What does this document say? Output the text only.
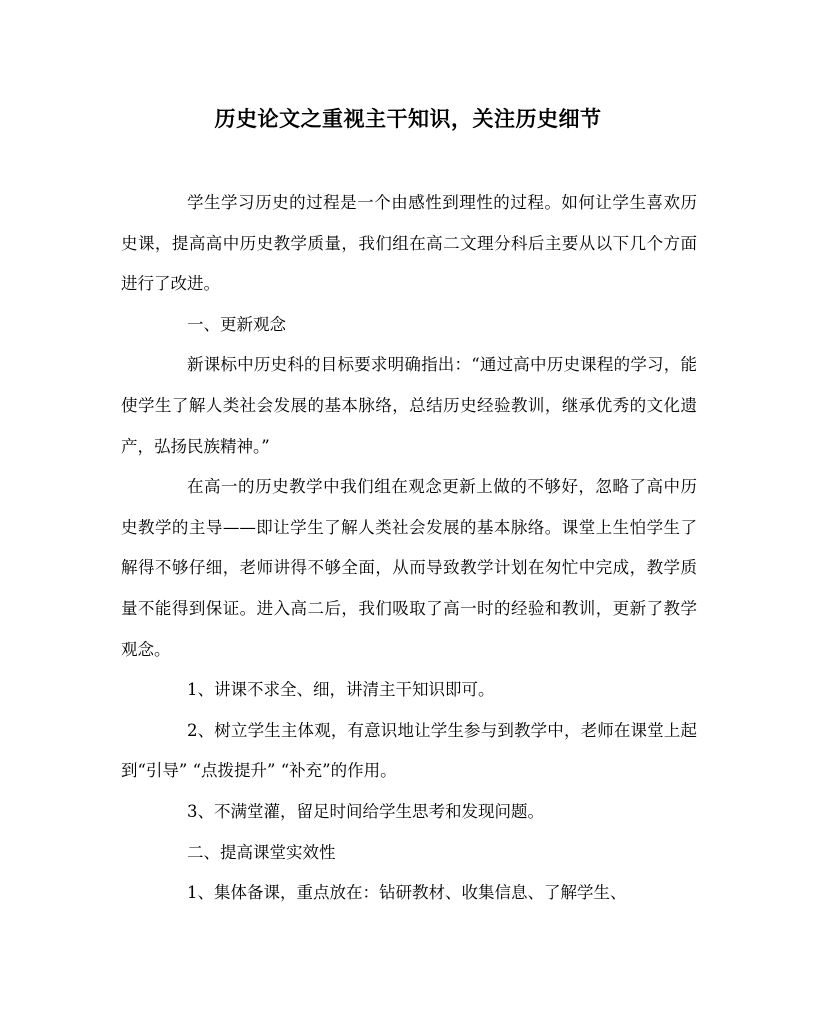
历史论文之重视主干知识，关注历史细节

学生学习历史的过程是一个由感性到理性的过程。如何让学生喜欢历史课，提高高中历史教学质量，我们组在高二文理分科后主要从以下几个方面进行了改进。

一、更新观念

新课标中历史科的目标要求明确指出：“通过高中历史课程的学习，能使学生了解人类社会发展的基本脉络，总结历史经验教训，继承优秀的文化遗产，弘扬民族精神。”

在高一的历史教学中我们组在观念更新上做的不够好，忽略了高中历史教学的主导——即让学生了解人类社会发展的基本脉络。课堂上生怕学生了解得不够仔细，老师讲得不够全面，从而导致教学计划在匆忙中完成，教学质量不能得到保证。进入高二后，我们吸取了高一时的经验和教训，更新了教学观念。

1、讲课不求全、细，讲清主干知识即可。

2、树立学生主体观，有意识地让学生参与到教学中，老师在课堂上起到“引导” “点拨提升” “补充”的作用。

3、不满堂灌，留足时间给学生思考和发现问题。

二、提高课堂实效性

1、集体备课，重点放在：钻研教材、收集信息、了解学生、
